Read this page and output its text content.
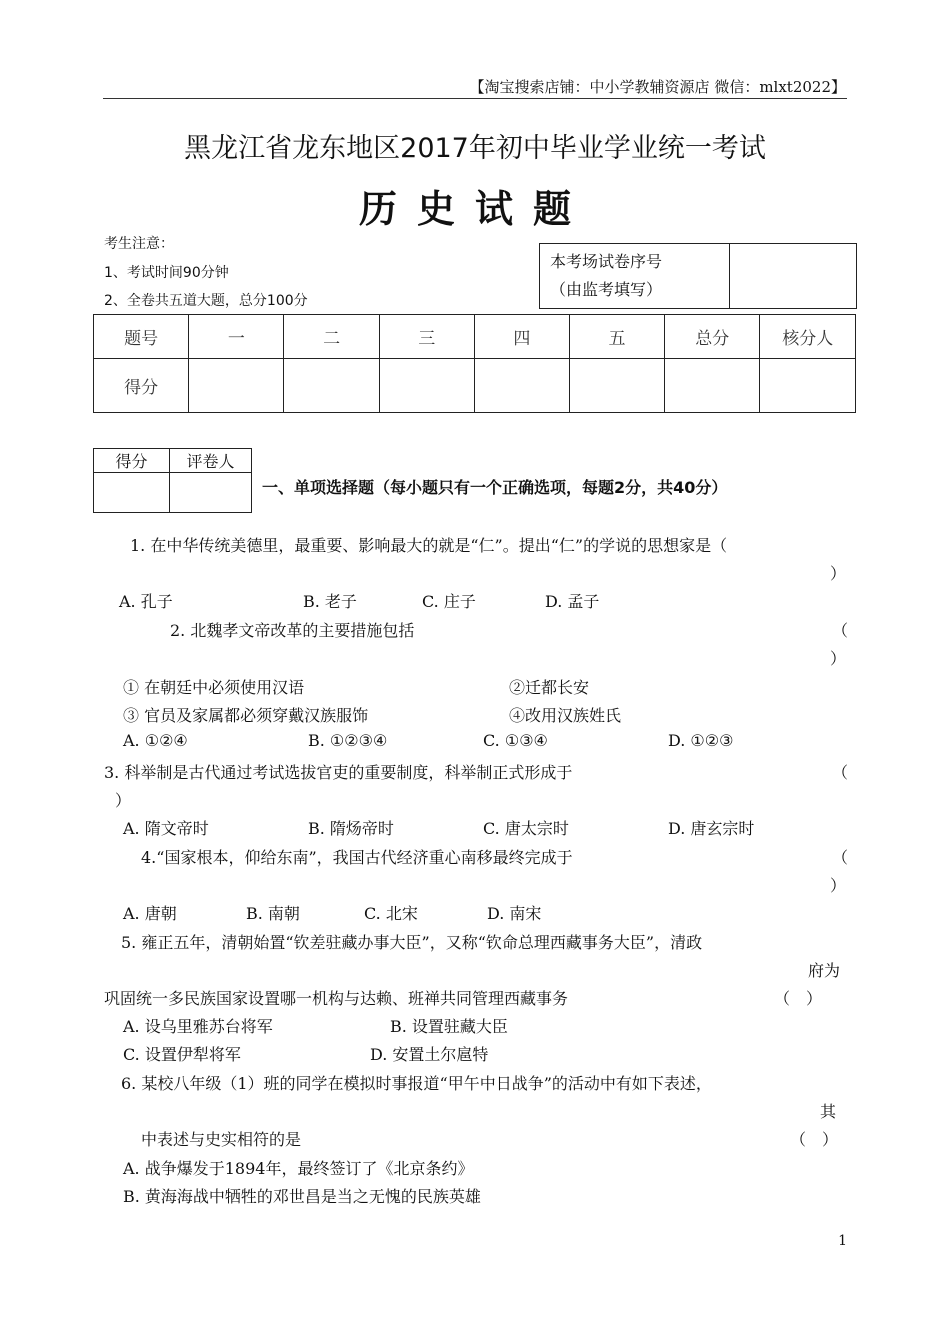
【淘宝搜索店铺：中小学教辅资源店 微信：mlxt2022】
黑龙江省龙东地区2017年初中毕业学业统一考试
历史试题
考生注意：
1、考试时间90分钟
2、全卷共五道大题，总分100分
本考场试卷序号
（由监考填写）

题号	一	二	三	四	五	总分	核分人
得分							
得分	评卷人

一、单项选择题（每小题只有一个正确选项，每题2分，共40分）
1. 在中华传统美德里，最重要、影响最大的就是“仁”。提出“仁”的学说的思想家是（
）
A. 孔子	B. 老子	C. 庄子	D. 孟子
2. 北魏孝文帝改革的主要措施包括	（
）
① 在朝廷中必须使用汉语	②迁都长安
③ 官员及家属都必须穿戴汉族服饰	④改用汉族姓氏
A. ①②④	B. ①②③④	C. ①③④	D. ①②③
3. 科举制是古代通过考试选拔官吏的重要制度，科举制正式形成于	（
）
A. 隋文帝时	B. 隋炀帝时	C. 唐太宗时	D. 唐玄宗时
4.“国家根本，仰给东南”，我国古代经济重心南移最终完成于	（
）
A. 唐朝	B. 南朝	C. 北宋	D. 南宋
5. 雍正五年，清朝始置“钦差驻藏办事大臣”，又称“钦命总理西藏事务大臣”，清政
府为
巩固统一多民族国家设置哪一机构与达赖、班禅共同管理西藏事务	（　）
A. 设乌里雅苏台将军	B. 设置驻藏大臣
C. 设置伊犁将军	D. 安置土尔扈特
6. 某校八年级（1）班的同学在模拟时事报道“甲午中日战争”的活动中有如下表述，
其
中表述与史实相符的是	（　）
A. 战争爆发于1894年，最终签订了《北京条约》
B. 黄海海战中牺牲的邓世昌是当之无愧的民族英雄
1
